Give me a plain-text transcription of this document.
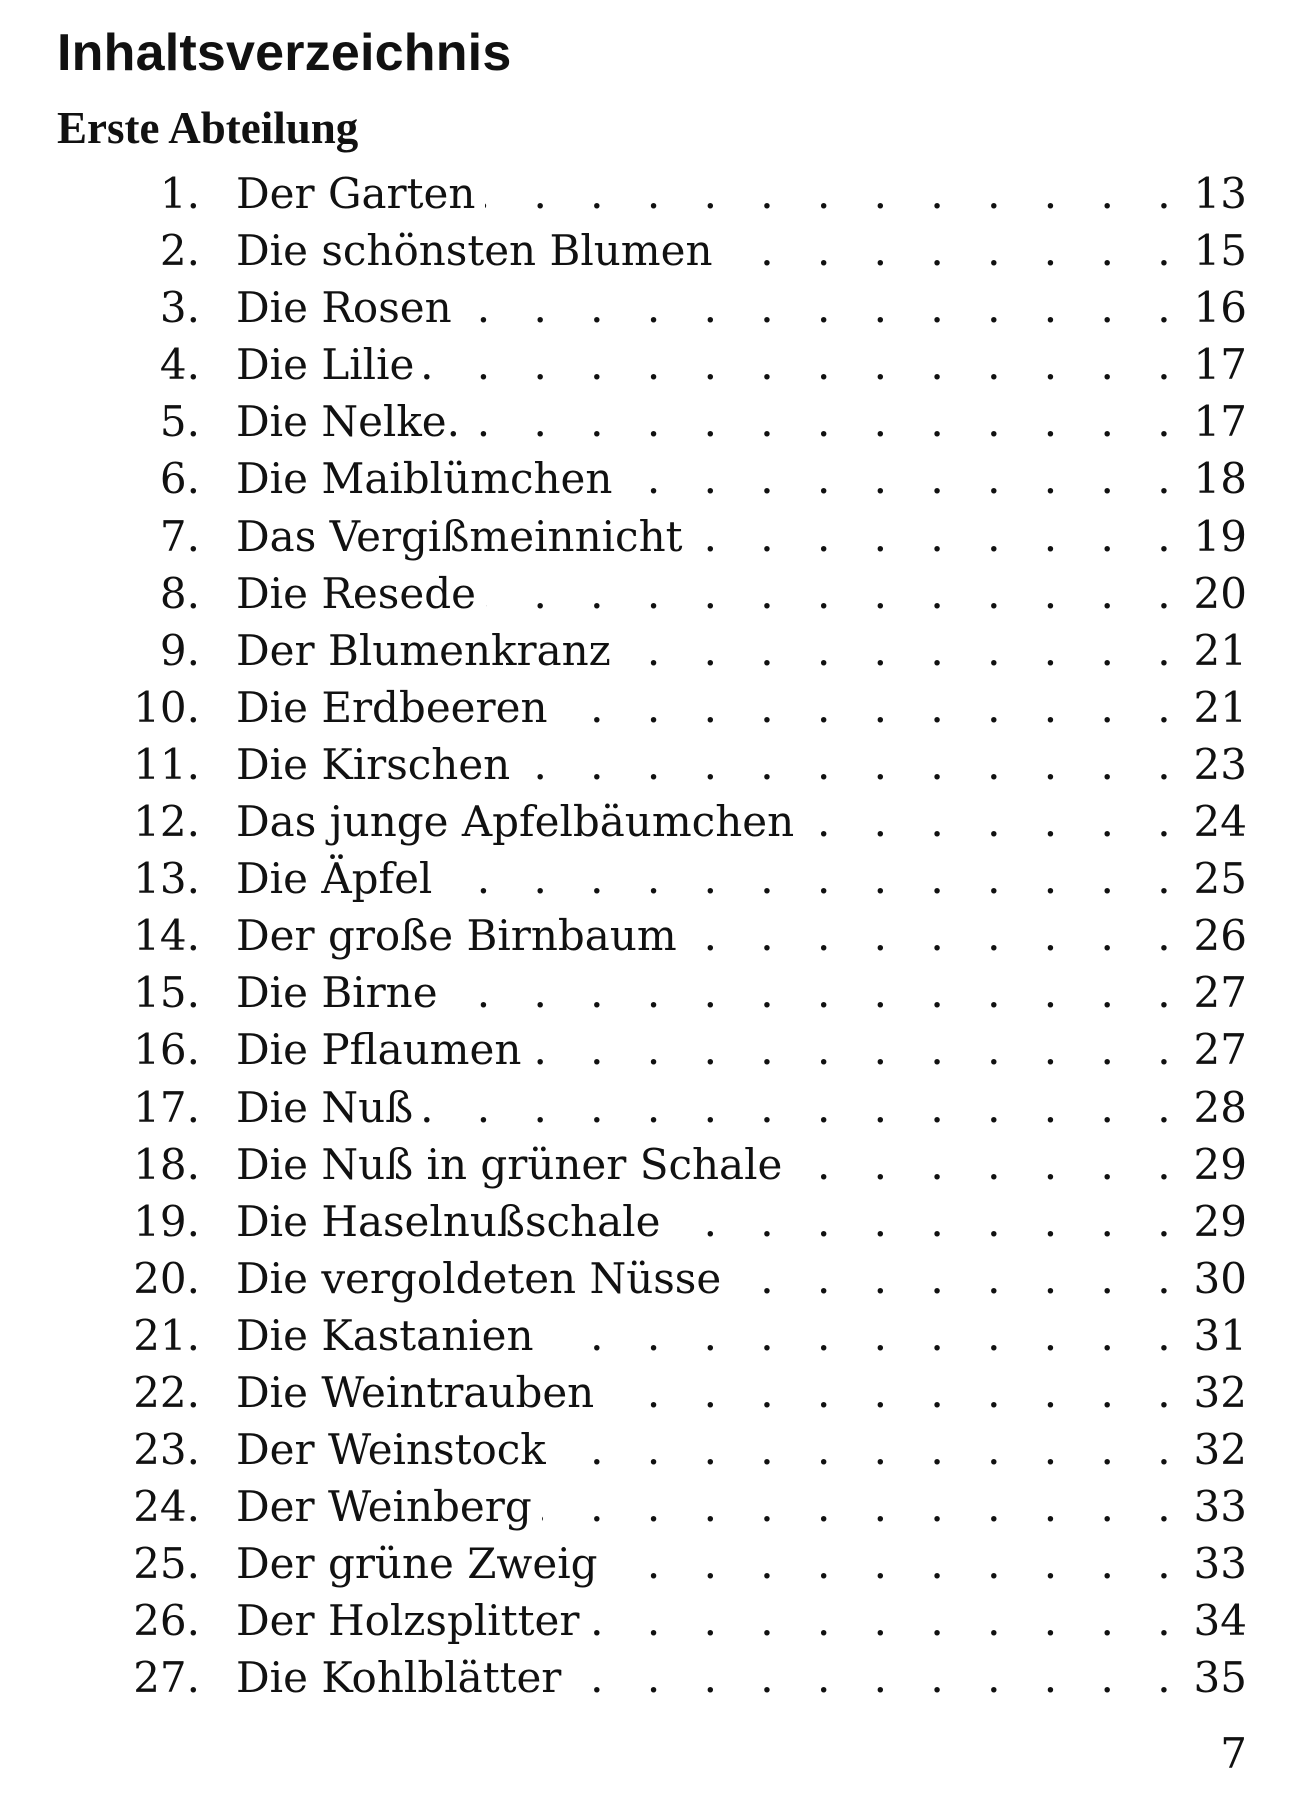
Inhaltsverzeichnis
Erste Abteilung
1. Der Garten . . .	13
2. Die schönsten Blumen . . .	15
3. Die Rosen . . .	16
4. Die Lilie . . .	17
5. Die Nelke. . . .	17
6. Die Maiblümchen . . .	18
7. Das Vergißmeinnicht . . .	19
8. Die Resede . . .	20
9. Der Blumenkranz . . .	21
10. Die Erdbeeren . . .	21
11. Die Kirschen . . .	23
12. Das junge Apfelbäumchen . . .	24
13. Die Äpfel . . .	25
14. Der große Birnbaum . . .	26
15. Die Birne . . .	27
16. Die Pflaumen . . .	27
17. Die Nuß . . .	28
18. Die Nuß in grüner Schale . . .	29
19. Die Haselnußschale . . .	29
20. Die vergoldeten Nüsse . . .	30
21. Die Kastanien . . .	31
22. Die Weintrauben . . .	32
23. Der Weinstock . . .	32
24. Der Weinberg . . .	33
25. Der grüne Zweig . . .	33
26. Der Holzsplitter . . .	34
27. Die Kohlblätter . . .	35
7
